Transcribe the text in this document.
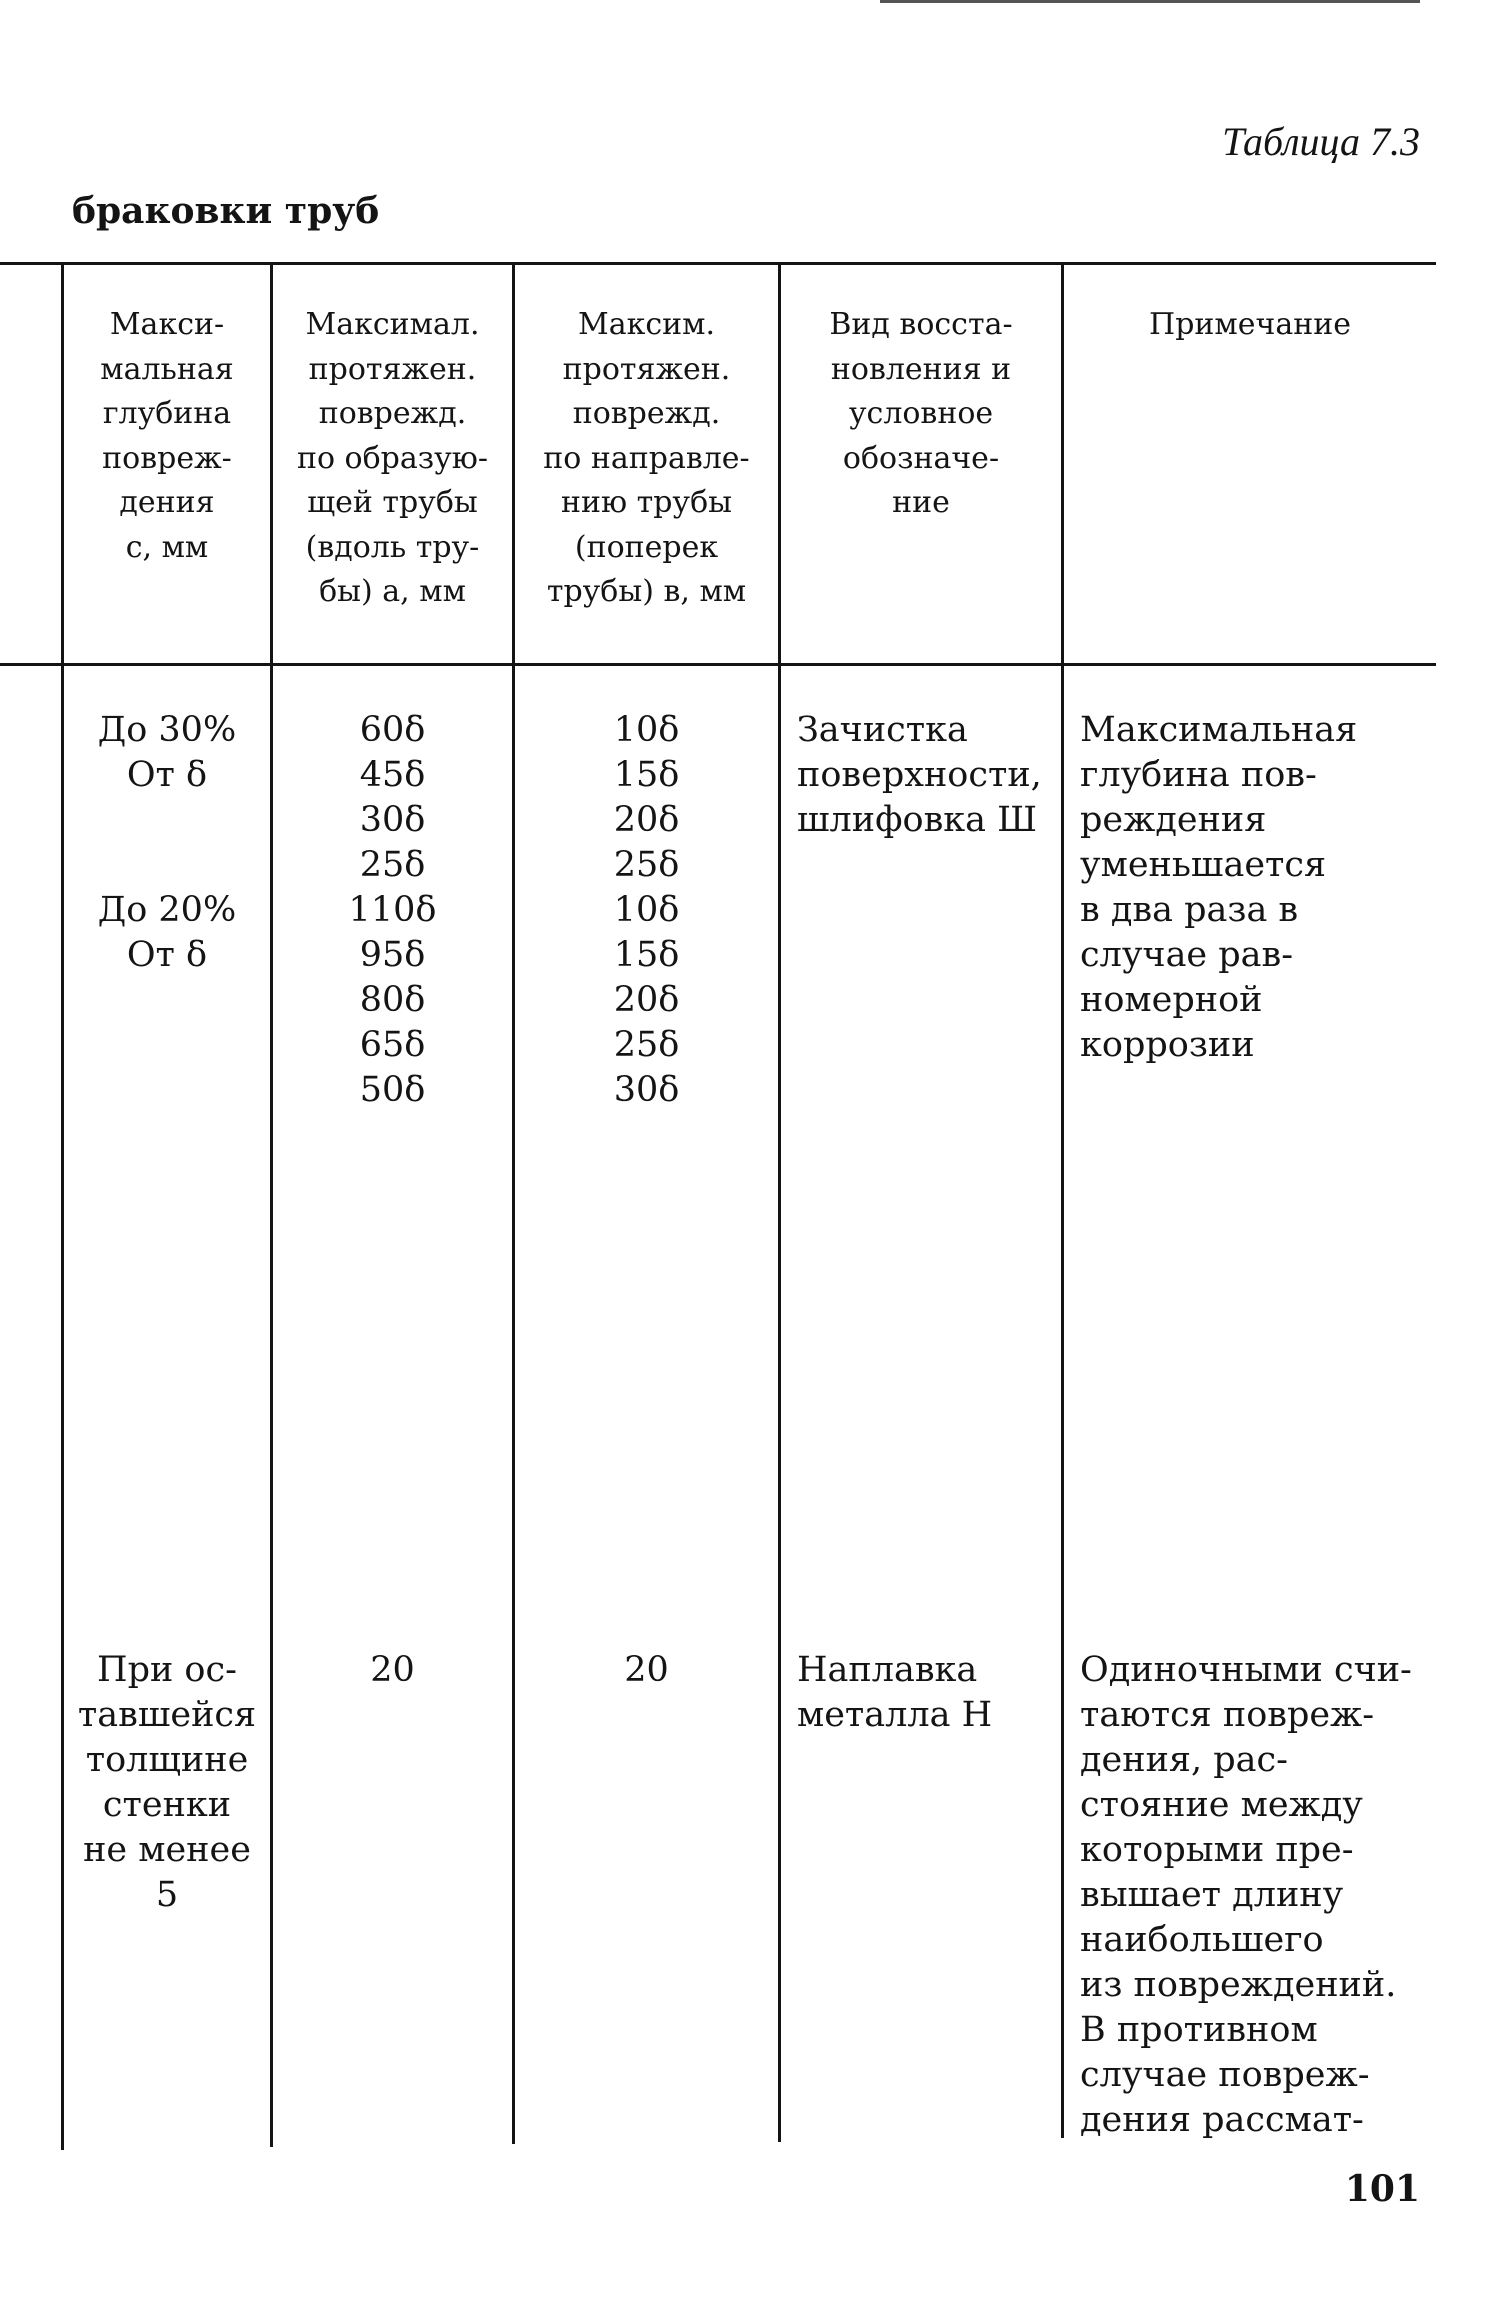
Таблица 7.3
браковки труб
Макси-
мальная
глубина
повреж-
дения
с, мм
Максимал.
протяжен.
поврежд.
по образую-
щей трубы
(вдоль тру-
бы) а, мм
Максим.
протяжен.
поврежд.
по направле-
нию трубы
(поперек
трубы) в, мм
Вид восста-
новления и
условное
обозначе-
ние
Примечание
До 30%
От δ
До 20%
От δ
60δ
45δ
30δ
25δ
110δ
95δ
80δ
65δ
50δ
10δ
15δ
20δ
25δ
10δ
15δ
20δ
25δ
30δ
Зачистка
поверхности,
шлифовка Ш
Максимальная
глубина пов-
реждения
уменьшается
в два раза в
случае рав-
номерной
коррозии
При ос-
тавшейся
толщине
стенки
не менее
5
20	20	Наплавка
металла Н
Одиночными счи-
таются повреж-
дения, рас-
стояние между
которыми пре-
вышает длину
наибольшего
из повреждений.
В противном
случае повреж-
дения рассмат-
101
